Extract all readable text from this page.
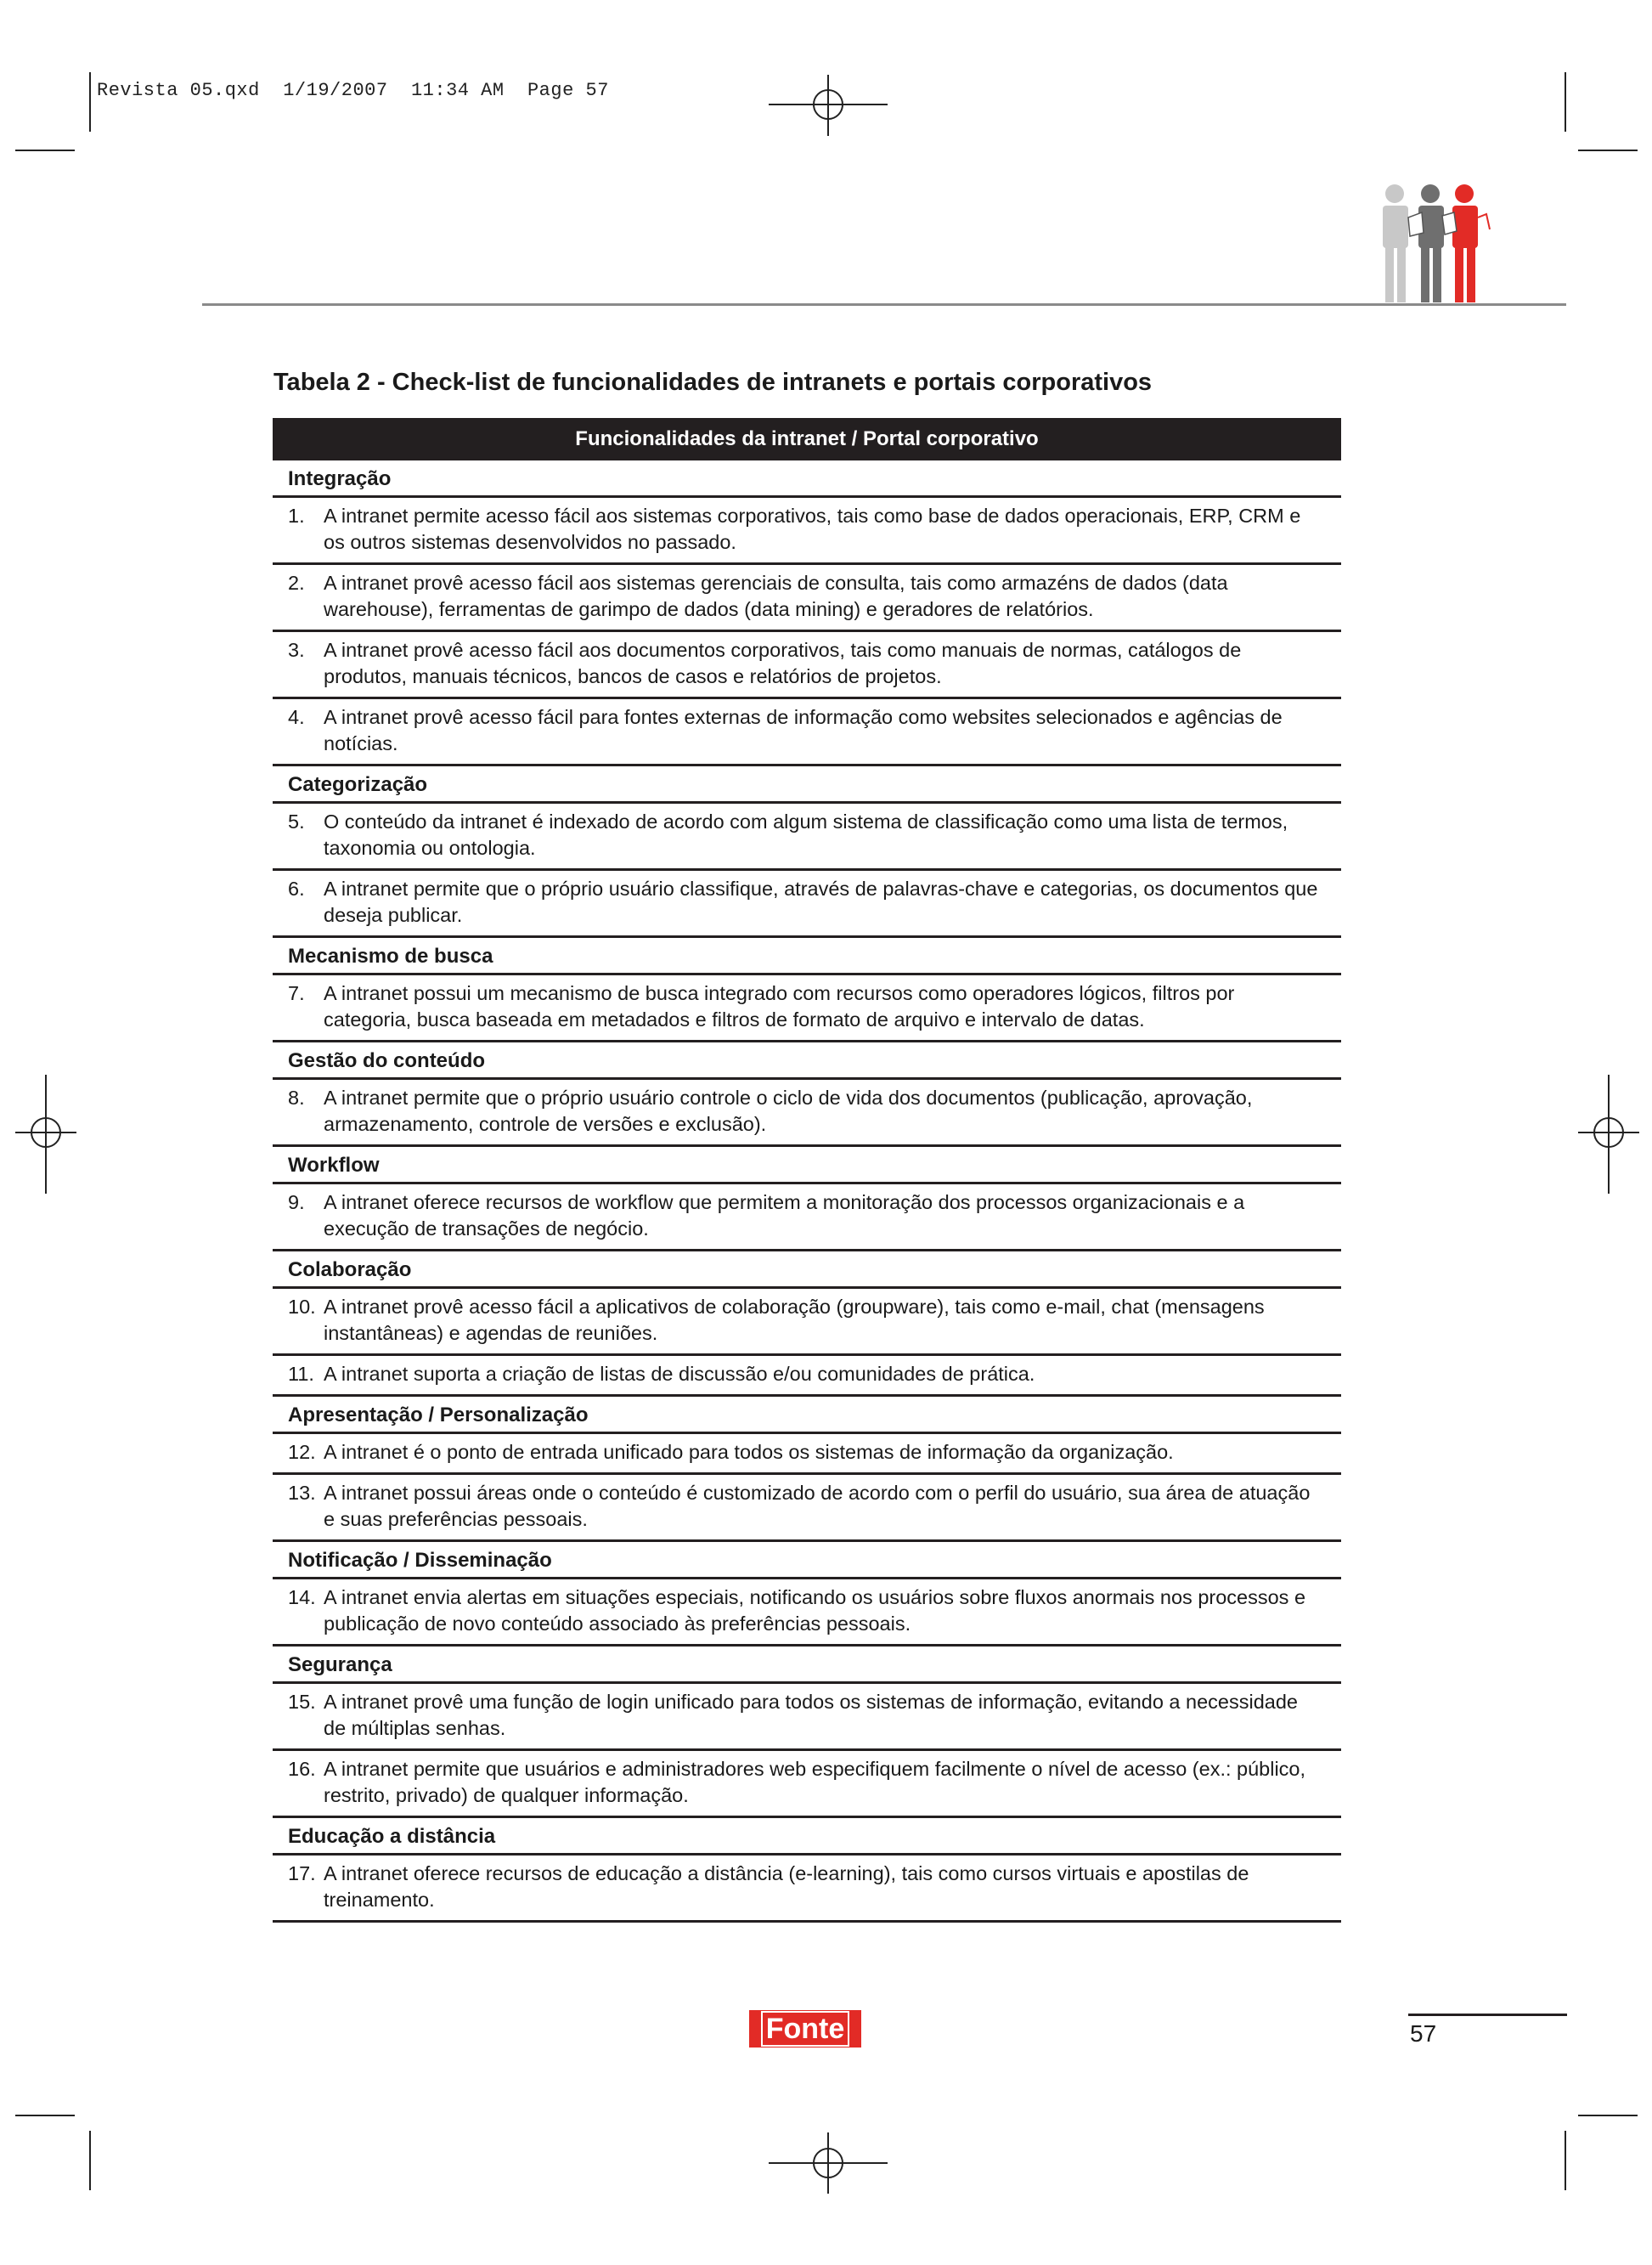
Revista 05.qxd  1/19/2007  11:34 AM  Page 57
Tabela 2 - Check-list de funcionalidades de intranets e portais corporativos
Funcionalidades da intranet / Portal corporativo
Integração
1. A intranet permite acesso fácil aos sistemas corporativos, tais como base de dados operacionais, ERP, CRM e os outros sistemas desenvolvidos no passado.
2. A intranet provê acesso fácil aos sistemas gerenciais de consulta, tais como armazéns de dados (data warehouse), ferramentas de garimpo de dados (data mining) e geradores de relatórios.
3. A intranet provê acesso fácil aos documentos corporativos, tais como manuais de normas, catálogos de produtos, manuais técnicos, bancos de casos e relatórios de projetos.
4. A intranet provê acesso fácil para fontes externas de informação como websites selecionados e agências de notícias.
Categorização
5. O conteúdo da intranet é indexado de acordo com algum sistema de classificação como uma lista de termos, taxonomia ou ontologia.
6. A intranet permite que o próprio usuário classifique, através de palavras-chave e categorias, os documentos que deseja publicar.
Mecanismo de busca
7. A intranet possui um mecanismo de busca integrado com recursos como operadores lógicos, filtros por categoria, busca baseada em metadados e filtros de formato de arquivo e intervalo de datas.
Gestão do conteúdo
8. A intranet permite que o próprio usuário controle o ciclo de vida dos documentos (publicação, aprovação, armazenamento, controle de versões e exclusão).
Workflow
9. A intranet oferece recursos de workflow que permitem a monitoração dos processos organizacionais e a execução de transações de negócio.
Colaboração
10. A intranet provê acesso fácil a aplicativos de colaboração (groupware), tais como e-mail, chat (mensagens instantâneas) e agendas de reuniões.
11. A intranet suporta a criação de listas de discussão e/ou comunidades de prática.
Apresentação / Personalização
12. A intranet é o ponto de entrada unificado para todos os sistemas de informação da organização.
13. A intranet possui áreas onde o conteúdo é customizado de acordo com o perfil do usuário, sua área de atuação e suas preferências pessoais.
Notificação / Disseminação
14. A intranet envia alertas em situações especiais, notificando os usuários sobre fluxos anormais nos processos e publicação de novo conteúdo associado às preferências pessoais.
Segurança
15. A intranet provê uma função de login unificado para todos os sistemas de informação, evitando a necessidade de múltiplas senhas.
16. A intranet permite que usuários e administradores web especifiquem facilmente o nível de acesso (ex.: público, restrito, privado) de qualquer informação.
Educação a distância
17. A intranet oferece recursos de educação a distância (e-learning), tais como cursos virtuais e apostilas de treinamento.
Fonte	57
